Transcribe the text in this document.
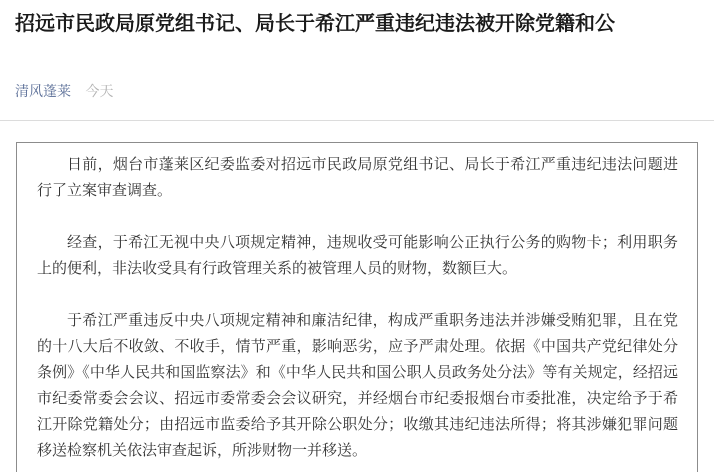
招远市民政局原党组书记、局长于希江严重违纪违法被开除党籍和公
清风蓬莱 今天

日前，烟台市蓬莱区纪委监委对招远市民政局原党组书记、局长于希江严重违纪违法问题进行了立案审查调查。

经查，于希江无视中央八项规定精神，违规收受可能影响公正执行公务的购物卡；利用职务上的便利，非法收受具有行政管理关系的被管理人员的财物，数额巨大。

于希江严重违反中央八项规定精神和廉洁纪律，构成严重职务违法并涉嫌受贿犯罪，且在党的十八大后不收敛、不收手，情节严重，影响恶劣，应予严肃处理。依据《中国共产党纪律处分条例》《中华人民共和国监察法》和《中华人民共和国公职人员政务处分法》等有关规定，经招远市纪委常委会会议、招远市委常委会会议研究，并经烟台市纪委报烟台市委批准，决定给予于希江开除党籍处分；由招远市监委给予其开除公职处分；收缴其违纪违法所得；将其涉嫌犯罪问题移送检察机关依法审查起诉，所涉财物一并移送。
